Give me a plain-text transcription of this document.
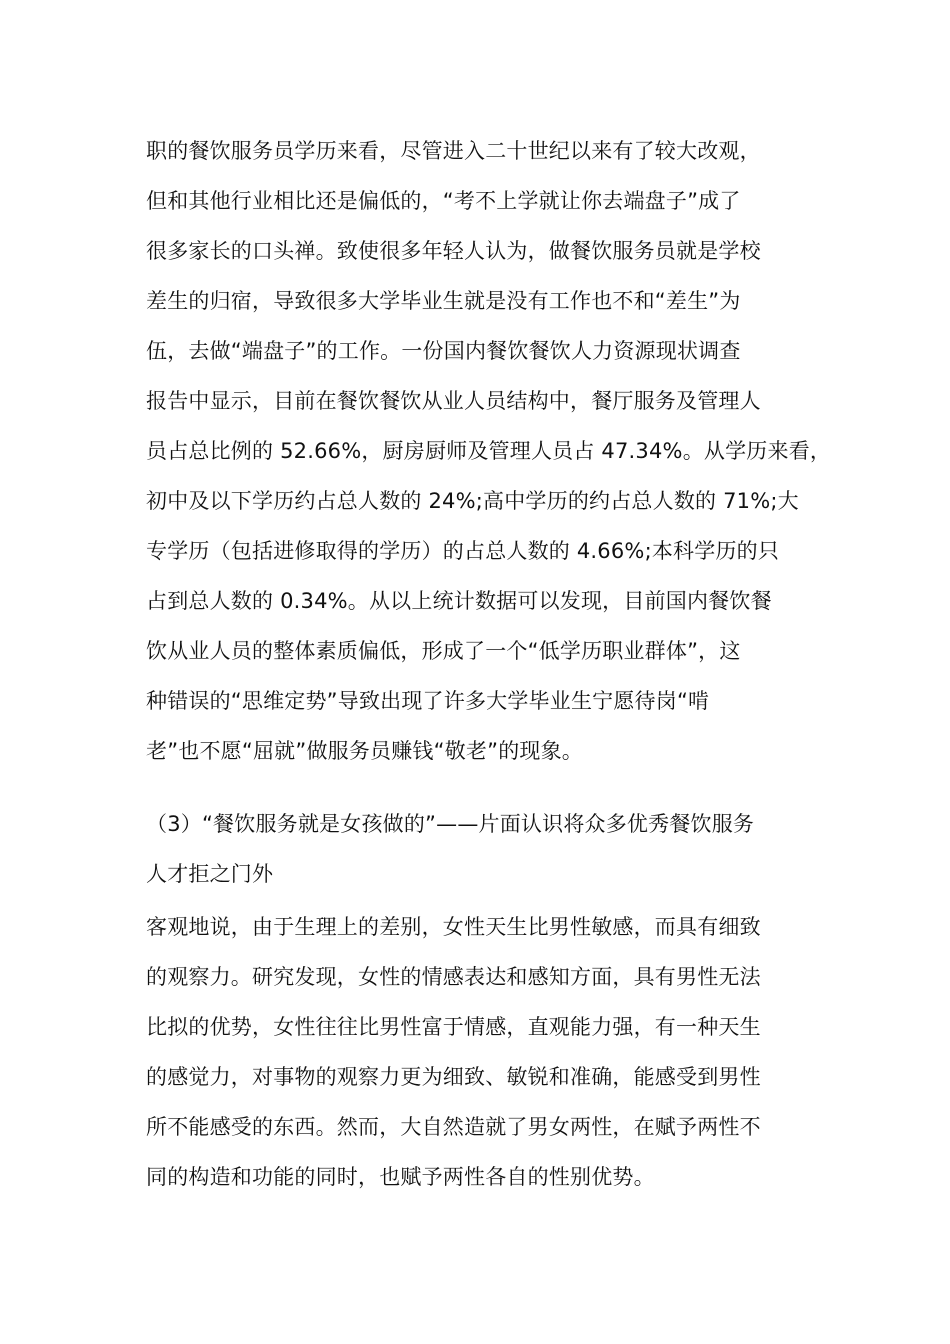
职的餐饮服务员学历来看，尽管进入二十世纪以来有了较大改观，
但和其他行业相比还是偏低的，“考不上学就让你去端盘子”成了
很多家长的口头禅。致使很多年轻人认为，做餐饮服务员就是学校
差生的归宿，导致很多大学毕业生就是没有工作也不和“差生”为
伍，去做“端盘子”的工作。一份国内餐饮餐饮人力资源现状调查
报告中显示，目前在餐饮餐饮从业人员结构中，餐厅服务及管理人
员占总比例的 52.66%，厨房厨师及管理人员占 47.34%。从学历来看，
初中及以下学历约占总人数的 24%;高中学历的约占总人数的 71%;大
专学历（包括进修取得的学历）的占总人数的 4.66%;本科学历的只
占到总人数的 0.34%。从以上统计数据可以发现，目前国内餐饮餐
饮从业人员的整体素质偏低，形成了一个“低学历职业群体”，这
种错误的“思维定势”导致出现了许多大学毕业生宁愿待岗“啃
老”也不愿“屈就”做服务员赚钱“敬老”的现象。
（3）“餐饮服务就是女孩做的”——片面认识将众多优秀餐饮服务
人才拒之门外
客观地说，由于生理上的差别，女性天生比男性敏感，而具有细致
的观察力。研究发现，女性的情感表达和感知方面，具有男性无法
比拟的优势，女性往往比男性富于情感，直观能力强，有一种天生
的感觉力，对事物的观察力更为细致、敏锐和准确，能感受到男性
所不能感受的东西。然而，大自然造就了男女两性，在赋予两性不
同的构造和功能的同时，也赋予两性各自的性别优势。
